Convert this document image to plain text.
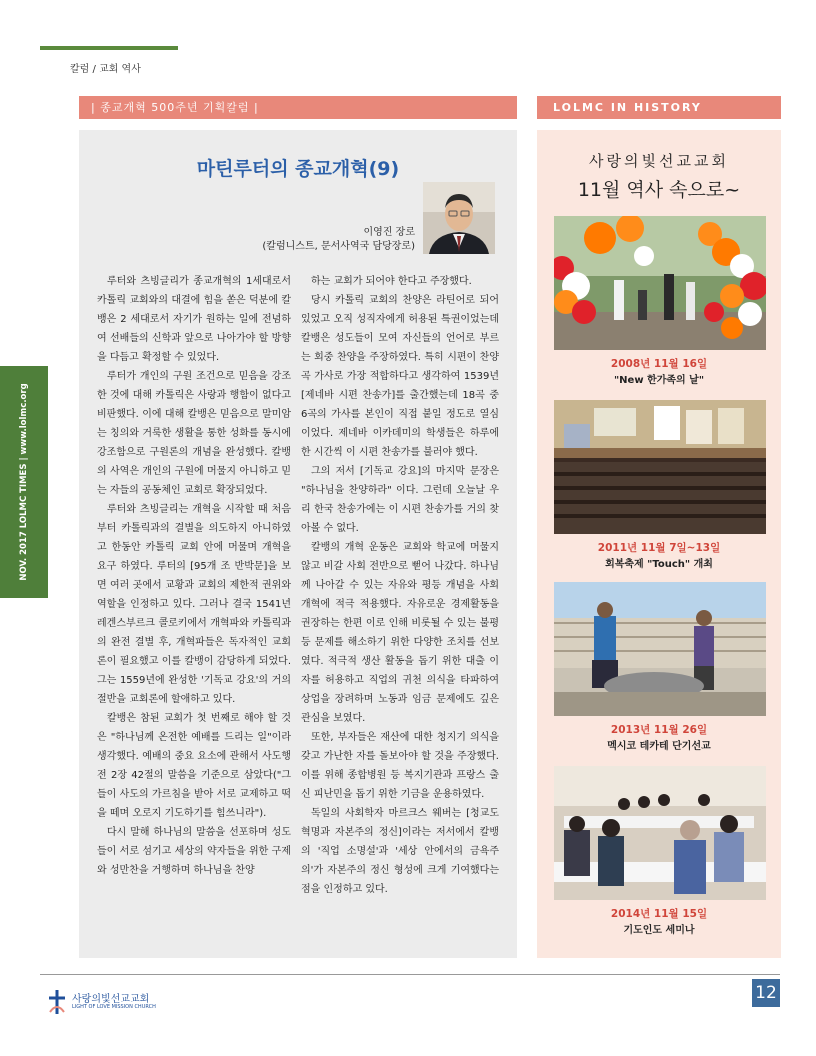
칼럼 / 교회 역사
NOV. 2017 LOLMC TIMES | www.lolmc.org
| 종교개혁 500주년 기획칼럼 |	LOLMC IN HISTORY
마틴루터의 종교개혁(9)
이영진 장로
(칼럼니스트, 문서사역국 담당장로)

루터와 츠빙글리가 종교개혁의 1세대로서 카톨릭 교회와의 대결에 힘을 쏟은 덕분에 칼뱅은 2 세대로서 자기가 원하는 일에 전념하여 선배들의 신학과 앞으로 나아가야 할 방향을 다듬고 확정할 수 있었다.

루터가 개인의 구원 조건으로 믿음을 강조한 것에 대해 카톨릭은 사랑과 행함이 없다고 비판했다. 이에 대해 칼뱅은 믿음으로 말미암는 칭의와 거룩한 생활을 통한 성화를 동시에 강조함으로 구원론의 개념을 완성했다. 칼뱅의 사역은 개인의 구원에 머물지 아니하고 믿는 자들의 공동체인 교회로 확장되었다.

루터와 츠빙글리는 개혁을 시작할 때 처음부터 카톨릭과의 결별을 의도하지 아니하였고 한동안 카톨릭 교회 안에 머물며 개혁을 요구 하였다. 루터의 [95개 조 반박문]을 보면 여러 곳에서 교황과 교회의 제한적 권위와 역할을 인정하고 있다. 그러나 결국 1541년 레겐스부르크 콜로키에서 개혁파와 카톨릭과의 완전 결별 후, 개혁파들은 독자적인 교회론이 필요했고 이를 칼뱅이 감당하게 되었다. 그는 1559년에 완성한 '기독교 강요'의 거의 절반을 교회론에 할애하고 있다.

칼뱅은 참된 교회가 첫 번째로 해야 할 것은 "하나님께 온전한 예배를 드리는 일"이라 생각했다. 예배의 중요 요소에 관해서 사도행전 2장 42절의 말씀을 기준으로 삼았다("그들이 사도의 가르침을 받아 서로 교제하고 떡을 떼며 오로지 기도하기를 힘쓰니라").

다시 말해 하나님의 말씀을 선포하며 성도들이 서로 섬기고 세상의 약자들을 위한 구제와 성만찬을 거행하며 하나님을 찬양

하는 교회가 되어야 한다고 주장했다.

당시 카톨릭 교회의 찬양은 라틴어로 되어 있었고 오직 성직자에게 허용된 특권이었는데 칼뱅은 성도들이 모여 자신들의 언어로 부르는 회중 찬양을 주장하였다. 특히 시편이 찬양곡 가사로 가장 적합하다고 생각하여 1539년 [제네바 시편 찬송가]를 출간했는데 18곡 중 6곡의 가사를 본인이 직접 붙일 정도로 열심이었다. 제네바 이카데미의 학생들은 하루에 한 시간씩 이 시편 찬송가를 불러야 했다.

그의 저서 [기독교 강요]의 마지막 문장은 "하나님을 찬양하라" 이다. 그런데 오늘날 우리 한국 찬송가에는 이 시편 찬송가를 거의 찾아볼 수 없다.

칼뱅의 개혁 운동은 교회와 학교에 머물지 않고 비갈 사회 전반으로 뻗어 나갔다. 하나님께 나아갈 수 있는 자유와 평등 개념을 사회 개혁에 적극 적용했다. 자유로운 경제활동을 권장하는 한편 이로 인해 비롯될 수 있는 불평등 문제를 해소하기 위한 다양한 조치를 선보였다. 적극적 생산 활동을 돕기 위한 대출 이자를 허용하고 직업의 귀천 의식을 타파하여 상업을 장려하며 노동과 임금 문제에도 깊은 관심을 보였다.

또한, 부자들은 재산에 대한 청지기 의식을 갖고 가난한 자를 돌보아야 할 것을 주장했다. 이를 위해 종합병원 등 복지기관과 프랑스 출신 피난민을 돕기 위한 기금을 운용하였다.

독일의 사회학자 마르크스 웨버는 [청교도 혁명과 자본주의 정신]이라는 저서에서 칼뱅의 '직업 소명설'과 '세상 안에서의 금욕주의'가 자본주의 정신 형성에 크게 기여했다는 점을 인정하고 있다.

사랑의빛선교교회
11월 역사 속으로~
2008년 11월 16일
"New 한가족의 날"
2011년 11월 7일~13일
회복축제 "Touch" 개최
2013년 11월 26일
멕시코 테카테 단기선교
2014년 11월 15일
기도인도 세미나
사랑의빛선교교회
LIGHT OF LOVE MISSION CHURCH
12
